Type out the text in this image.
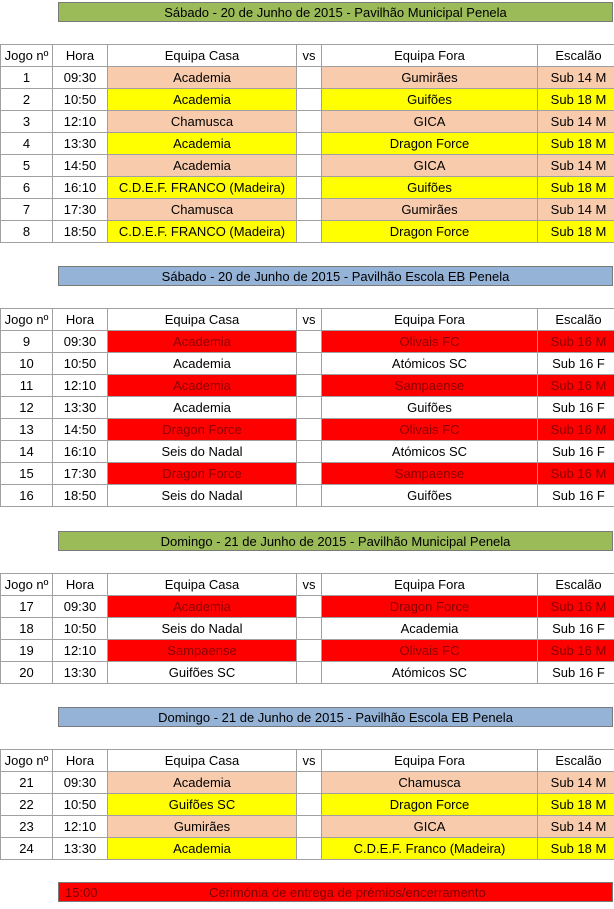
Sábado - 20 de Junho de 2015 - Pavilhão Municipal Penela
Sábado - 20 de Junho de 2015 - Pavilhão Escola EB Penela
Domingo - 21 de Junho de 2015 - Pavilhão Municipal Penela
Domingo - 21 de Junho de 2015 - Pavilhão Escola EB Penela
Jogo nº	Hora	Equipa Casa	vs	Equipa Fora	Escalão
1	09:30	Academia		Gumirães	Sub 14 M
2	10:50	Academia		Guifões	Sub 18 M
3	12:10	Chamusca		GICA	Sub 14 M
4	13:30	Academia		Dragon Force	Sub 18 M
5	14:50	Academia		GICA	Sub 14 M
6	16:10	C.D.E.F. FRANCO (Madeira)		Guifões	Sub 18 M
7	17:30	Chamusca		Gumirães	Sub 14 M
8	18:50	C.D.E.F. FRANCO (Madeira)		Dragon Force	Sub 18 M
Jogo nº	Hora	Equipa Casa	vs	Equipa Fora	Escalão
9	09:30	Academia		Olivais FC	Sub 16 M
10	10:50	Academia		Atómicos SC	Sub 16 F
11	12:10	Academia		Sampaense	Sub 16 M
12	13:30	Academia		Guifões	Sub 16 F
13	14:50	Dragon Force		Olivais FC	Sub 16 M
14	16:10	Seis do Nadal		Atómicos SC	Sub 16 F
15	17:30	Dragon Force		Sampaense	Sub 16 M
16	18:50	Seis do Nadal		Guifões	Sub 16 F
Jogo nº	Hora	Equipa Casa	vs	Equipa Fora	Escalão
17	09:30	Academia		Dragon Force	Sub 16 M
18	10:50	Seis do Nadal		Academia	Sub 16 F
19	12:10	Sampaense		Olivais FC	Sub 16 M
20	13:30	Guifões SC		Atómicos SC	Sub 16 F
Jogo nº	Hora	Equipa Casa	vs	Equipa Fora	Escalão
21	09:30	Academia		Chamusca	Sub 14 M
22	10:50	Guifões SC		Dragon Force	Sub 18 M
23	12:10	Gumirães		GICA	Sub 14 M
24	13:30	Academia		C.D.E.F. Franco (Madeira)	Sub 18 M
15:00	Cerimónia de entrega de prémios/encerramento
